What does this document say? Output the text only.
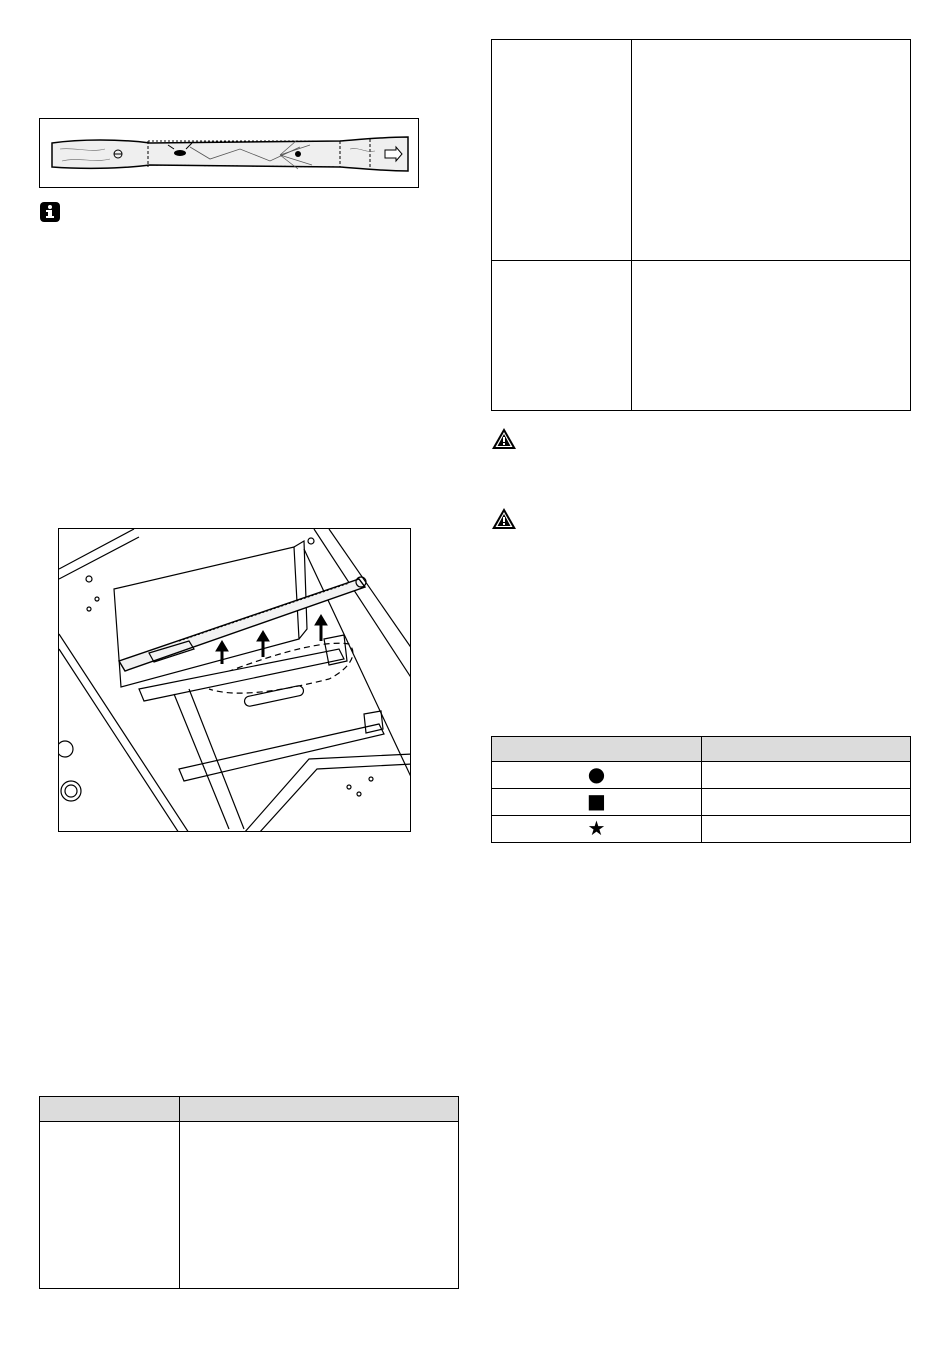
●	
■	
★	
